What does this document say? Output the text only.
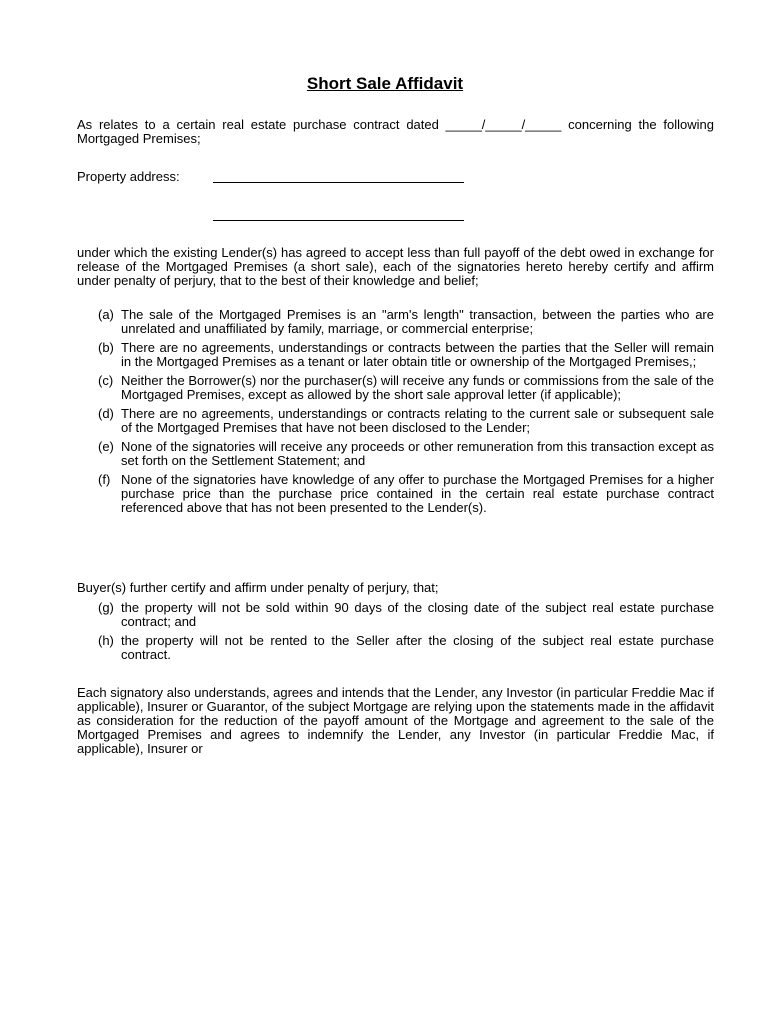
Short Sale Affidavit
As relates to a certain real estate purchase contract dated _____/_____/_____ concerning the following Mortgaged Premises;
Property address:
under which the existing Lender(s) has agreed to accept less than full payoff of the debt owed in exchange for release of the Mortgaged Premises (a short sale), each of the signatories hereto hereby certify and affirm under penalty of perjury, that to the best of their knowledge and belief;
(a) The sale of the Mortgaged Premises is an "arm's length" transaction, between the parties who are unrelated and unaffiliated by family, marriage, or commercial enterprise;
(b) There are no agreements, understandings or contracts between the parties that the Seller will remain in the Mortgaged Premises as a tenant or later obtain title or ownership of the Mortgaged Premises,;
(c) Neither the Borrower(s) nor the purchaser(s) will receive any funds or commissions from the sale of the Mortgaged Premises, except as allowed by the short sale approval letter (if applicable);
(d) There are no agreements, understandings or contracts relating to the current sale or subsequent sale of the Mortgaged Premises that have not been disclosed to the Lender;
(e) None of the signatories will receive any proceeds or other remuneration from this transaction except as set forth on the Settlement Statement; and
(f) None of the signatories have knowledge of any offer to purchase the Mortgaged Premises for a higher purchase price than the purchase price contained in the certain real estate purchase contract referenced above that has not been presented to the Lender(s).
Buyer(s) further certify and affirm under penalty of perjury, that;
(g) the property will not be sold within 90 days of the closing date of the subject real estate purchase contract; and
(h) the property will not be rented to the Seller after the closing of the subject real estate purchase contract.
Each signatory also understands, agrees and intends that the Lender, any Investor (in particular Freddie Mac if applicable), Insurer or Guarantor, of the subject Mortgage are relying upon the statements made in the affidavit as consideration for the reduction of the payoff amount of the Mortgage and agreement to the sale of the Mortgaged Premises and agrees to indemnify the Lender, any Investor (in particular Freddie Mac, if applicable), Insurer or
